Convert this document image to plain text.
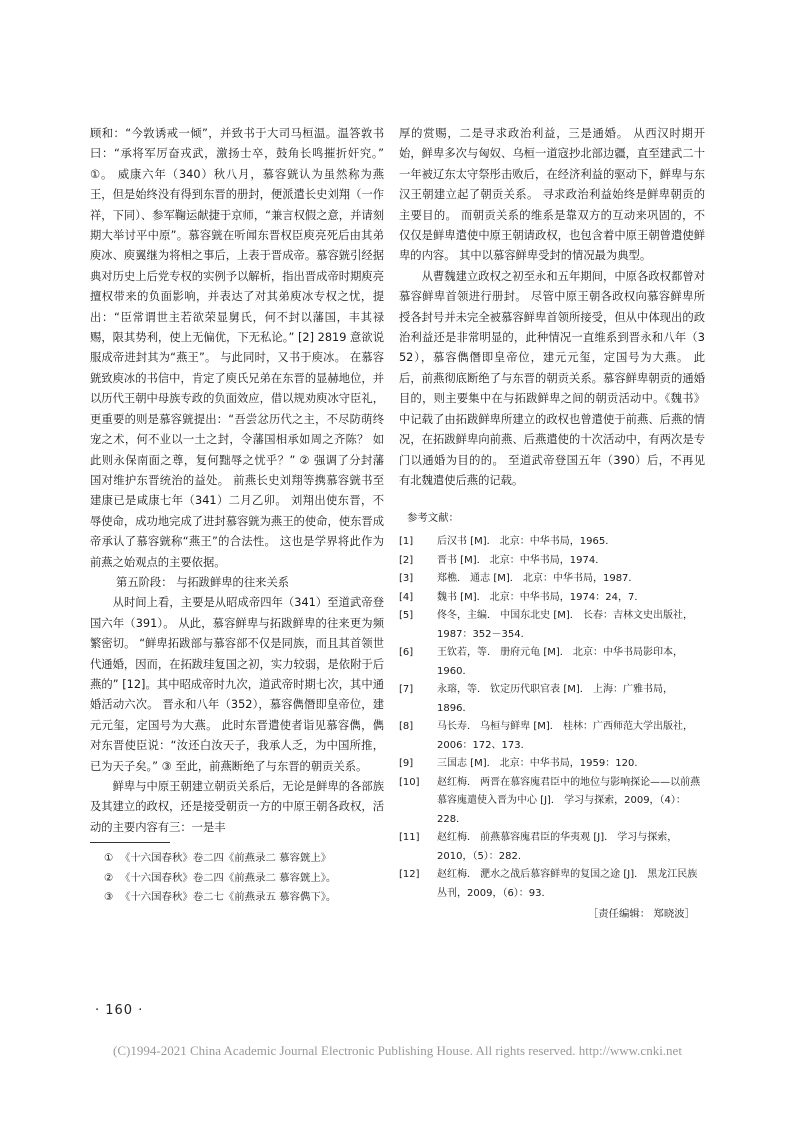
顾和：“今敦诱戒一倾”，并致书于大司马桓温。温答敦书曰：“承将军厉奋戎武，激扬士卒，鼓角长鸣摧折奸究。” ①。 威康六年（340）秋八月，慕容皝认为虽然称为燕王，但是始终没有得到东晋的册封，便派遣长史刘翔（一作祥，下同）、参军鞠运献捷于京师，“兼言权假之意，并请刻期大举讨平中原”。慕容皝在听闻东晋权臣庾亮死后由其弟庾冰、庾翼继为将相之事后，上表于晋成帝。慕容皝引经据典对历史上后党专权的实例予以解析，指出晋成帝时期庾亮擅权带来的负面影响，并表达了对其弟庾冰专权之忧，提出：“臣常谓世主若欲荣显舅氏，何不封以藩国，丰其禄赐，限其势利，使上无偏优，下无私论。” [2] 2819 意欲说服成帝进封其为“燕王”。 与此同时，又书于庾冰。 在慕容皝致庾冰的书信中，肯定了庾氏兄弟在东晋的显赫地位，并以历代王朝中母族专政的负面效应，借以规劝庾冰守臣礼，更重要的则是慕容皝提出：“吾尝忿历代之主，不尽防萌终宠之术，何不业以一土之封，令藩国相承如周之齐陈？ 如此则永保南面之尊，复何黜辱之忧乎？” ② 强调了分封藩国对维护东晋统治的益处。 前燕长史刘翔等携慕容皝书至建康已是咸康七年（341）二月乙卯。 刘翔出使东晋，不辱使命，成功地完成了进封慕容皝为燕王的使命，使东晋成帝承认了慕容皝称“燕王”的合法性。 这也是学界将此作为前燕之始观点的主要依据。

第五阶段： 与拓跋鲜卑的往来关系

从时间上看，主要是从昭成帝四年（341）至道武帝登国六年（391）。 从此，慕容鲜卑与拓跋鲜卑的往来更为频繁密切。 “鲜卑拓跋部与慕容部不仅是同族，而且其首领世代通婚，因而，在拓跋珪复国之初，实力较弱，是依附于后燕的” [12]。其中昭成帝时九次，道武帝时期七次，其中通婚活动六次。 晋永和八年（352），慕容儁僭即皇帝位，建元元玺，定国号为大燕。 此时东晋遣使者诣见慕容儁，儁对东晋使臣说：“汝还白汝天子，我承人乏，为中国所推，已为天子矣。” ③ 至此，前燕断绝了与东晋的朝贡关系。

鲜卑与中原王朝建立朝贡关系后，无论是鲜卑的各部族及其建立的政权，还是接受朝贡一方的中原王朝各政权，活动的主要内容有三：一是丰

① 《十六国春秋》卷二四《前燕录二 慕容皝上》
② 《十六国春秋》卷二四《前燕录二 慕容皝上》。
③ 《十六国春秋》卷二七《前燕录五 慕容儁下》。

厚的赏赐，二是寻求政治利益，三是通婚。 从西汉时期开始，鲜卑多次与匈奴、乌桓一道寇抄北部边疆，直至建武二十一年被辽东太守祭彤击败后，在经济利益的驱动下，鲜卑与东汉王朝建立起了朝贡关系。 寻求政治利益始终是鲜卑朝贡的主要目的。 而朝贡关系的维系是靠双方的互动来巩固的，不仅仅是鲜卑遣使中原王朝请政权，也包含着中原王朝曾遣使鲜卑的内容。 其中以慕容鲜卑受封的情况最为典型。

从曹魏建立政权之初至永和五年期间，中原各政权都曾对慕容鲜卑首领进行册封。 尽管中原王朝各政权向慕容鲜卑所授各封号并未完全被慕容鲜卑首领所接受，但从中体现出的政治利益还是非常明显的，此种情况一直维系到晋永和八年（352），慕容儁僭即皇帝位，建元元玺，定国号为大燕。 此后，前燕彻底断绝了与东晋的朝贡关系。慕容鲜卑朝贡的通婚目的，则主要集中在与拓跋鲜卑之间的朝贡活动中。《魏书》中记载了由拓跋鲜卑所建立的政权也曾遣使于前燕、后燕的情况，在拓跋鲜卑向前燕、后燕遣使的十次活动中，有两次是专门以通婚为目的的。 至道武帝登国五年（390）后，不再见有北魏遣使后燕的记载。

参考文献：

[1]	后汉书 [M]． 北京：中华书局，1965．
[2]	晋书 [M]． 北京：中华书局，1974．
[3]	郑樵． 通志 [M]． 北京：中华书局，1987．
[4]	魏书 [M]． 北京：中华书局，1974：24，7．
[5]	佟冬，主编． 中国东北史 [M]． 长春：吉林文史出版社，1987：352－354．
[6]	王钦若，等． 册府元龟 [M]． 北京：中华书局影印本，1960．
[7]	永瑢，等． 钦定历代职官表 [M]． 上海：广雅书局，1896．
[8]	马长寿． 乌桓与鲜卑 [M]． 桂林：广西师范大学出版社，2006：172、173．
[9]	三国志 [M]． 北京：中华书局，1959：120．
[10]	赵红梅． 两晋在慕容廆君臣中的地位与影响探论——以前燕慕容廆遣使入晋为中心 [J]． 学习与探索，2009，（4）：228．
[11]	赵红梅． 前燕慕容廆君臣的华夷观 [J]． 学习与探索，2010，（5）：282．
[12]	赵红梅． 淝水之战后慕容鲜卑的复国之途 [J]． 黑龙江民族丛刊，2009，（6）：93．
［责任编辑： 郑晓波］
· 160 ·
(C)1994-2021 China Academic Journal Electronic Publishing House. All rights reserved. http://www.cnki.net
